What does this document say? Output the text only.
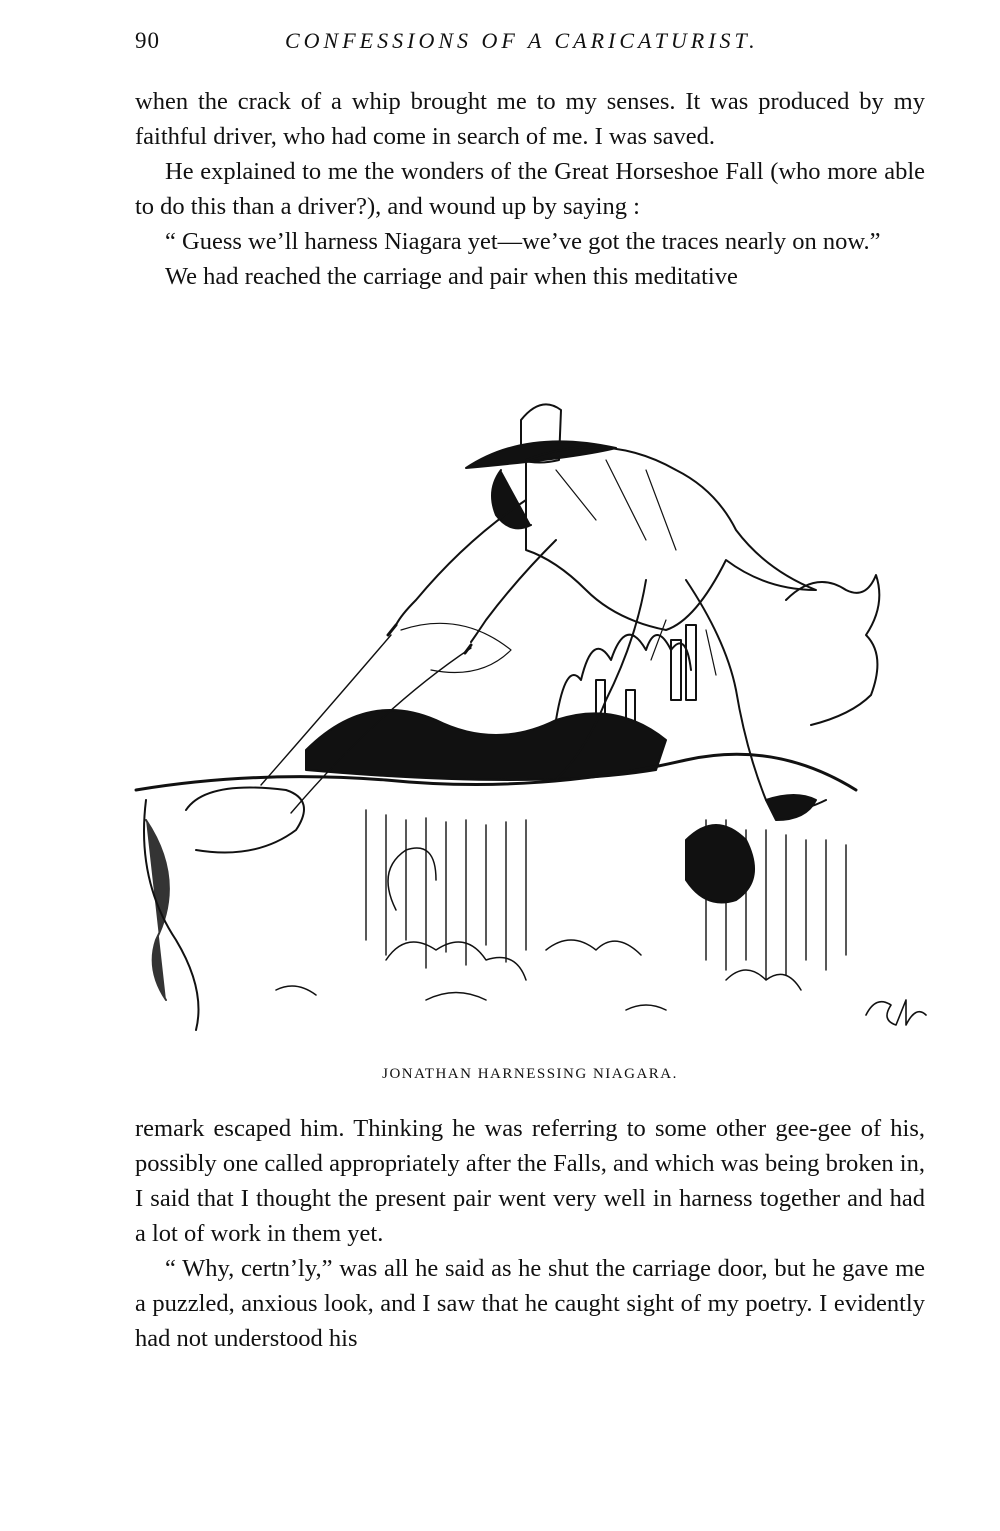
90	CONFESSIONS OF A CARICATURIST.

when the crack of a whip brought me to my senses. It was produced by my faithful driver, who had come in search of me. I was saved.

He explained to me the wonders of the Great Horseshoe Fall (who more able to do this than a driver?), and wound up by saying :

“ Guess we’ll harness Niagara yet—we’ve got the traces nearly on now.”

We had reached the carriage and pair when this meditative

JONATHAN HARNESSING NIAGARA.

remark escaped him. Thinking he was referring to some other gee-gee of his, possibly one called appropriately after the Falls, and which was being broken in, I said that I thought the present pair went very well in harness together and had a lot of work in them yet.

“ Why, certn’ly,” was all he said as he shut the carriage door, but he gave me a puzzled, anxious look, and I saw that he caught sight of my poetry. I evidently had not understood his
